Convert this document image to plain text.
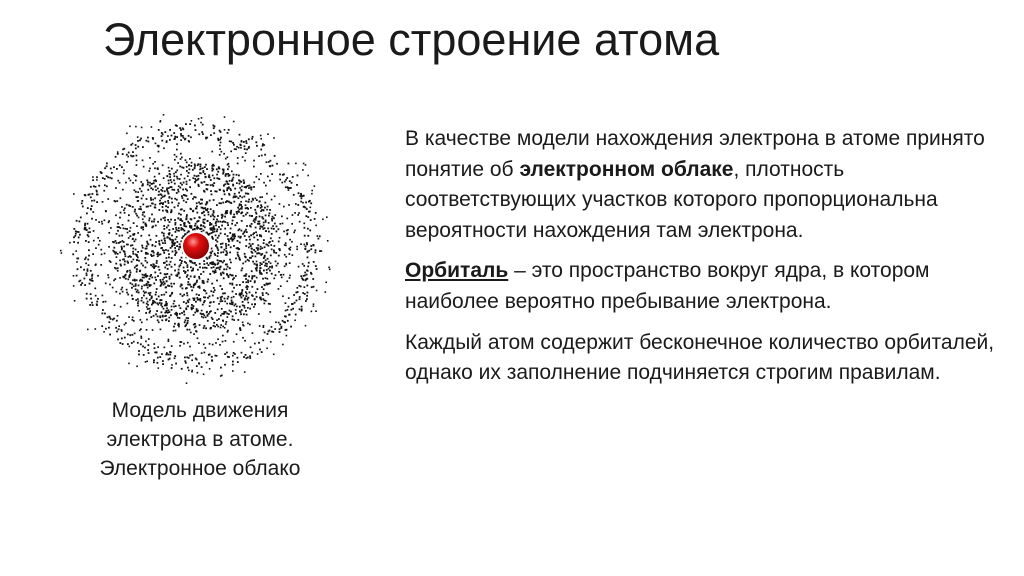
Электронное строение атома
Модель движения
электрона в атоме.
Электронное облако

В качестве модели нахождения электрона в атоме принято понятие об электронном облаке, плотность соответствующих участков которого пропорциональна вероятности нахождения там электрона.

Орбиталь – это пространство вокруг ядра, в котором наиболее вероятно пребывание электрона.

Каждый атом содержит бесконечное количество орбиталей, однако их заполнение подчиняется строгим правилам.
